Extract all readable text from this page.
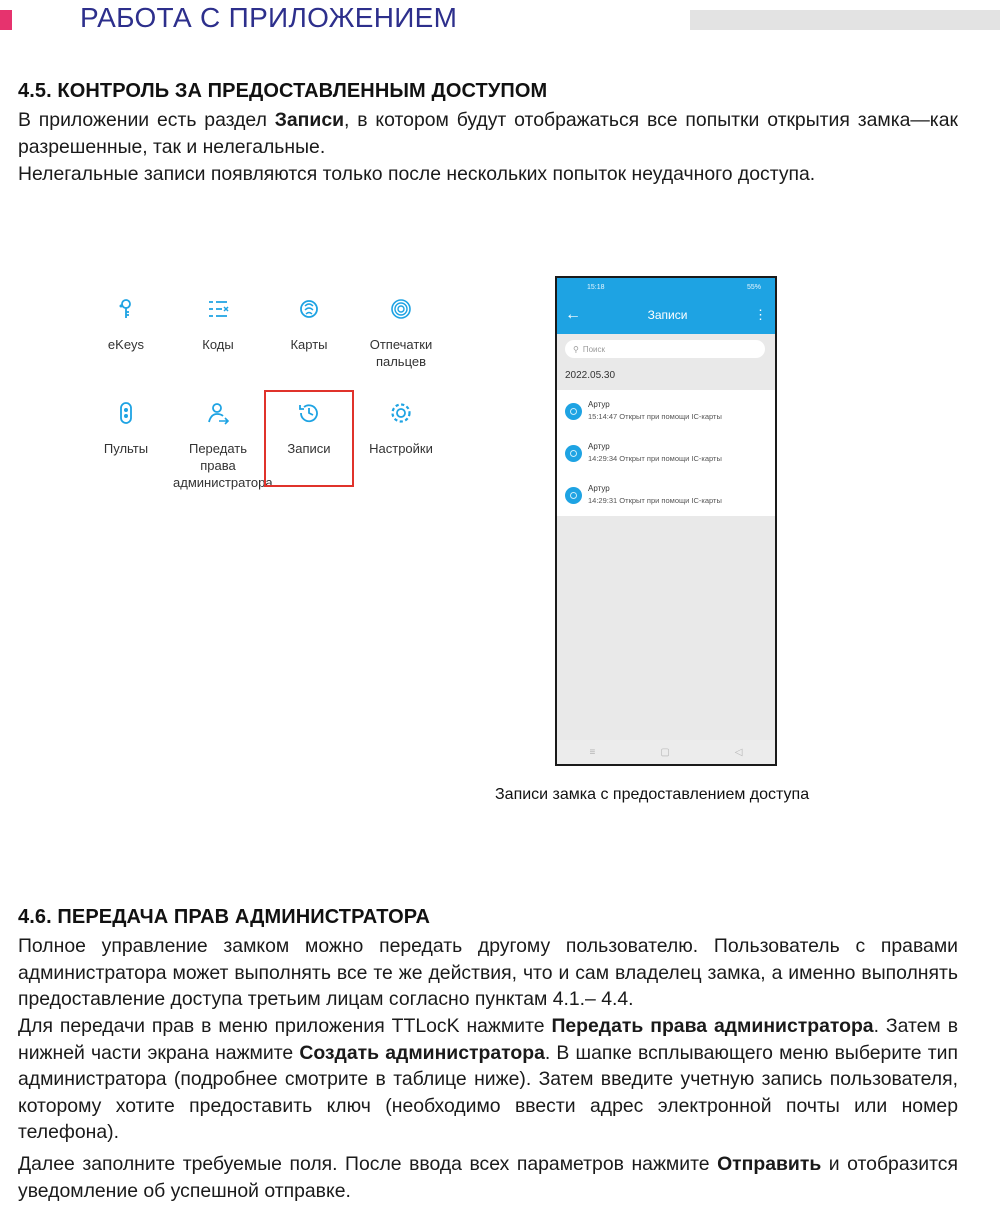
РАБОТА С ПРИЛОЖЕНИЕМ
4.5. КОНТРОЛЬ ЗА ПРЕДОСТАВЛЕННЫМ ДОСТУПОМ

В приложении есть раздел Записи, в котором будут отображаться все попытки открытия замка—как разрешенные, так и нелегальные.

Нелегальные записи появляются только после нескольких попыток неудачного доступа.

eKeys	Коды	Карты	Отпечатки пальцев
Пульты	Передать права администратора
Записи	Настройки
15:18	55%
←	Записи	⋮
⚲ Поиск
2022.05.30
Артур
15:14:47 Открыт при помощи IC-карты
Артур
14:29:34 Открыт при помощи IC-карты
Артур
14:29:31 Открыт при помощи IC-карты
≡	▢	◁
Записи замка с предоставлением доступа
4.6. ПЕРЕДАЧА ПРАВ АДМИНИСТРАТОРА

Полное управление замком можно передать другому пользователю. Пользователь с правами администратора может выполнять все те же действия, что и сам владелец замка, а именно выполнять предоставление доступа третьим лицам согласно пунктам 4.1.– 4.4.

Для передачи прав в меню приложения TTLocK нажмите Передать права администратора. Затем в нижней части экрана нажмите Создать администратора. В шапке всплывающего меню выберите тип администратора (подробнее смотрите в таблице ниже). Затем введите учетную запись пользователя, которому хотите предоставить ключ (необходимо ввести адрес электронной почты или номер телефона).

Далее заполните требуемые поля. После ввода всех параметров нажмите Отправить и отобразится уведомление об успешной отправке.
